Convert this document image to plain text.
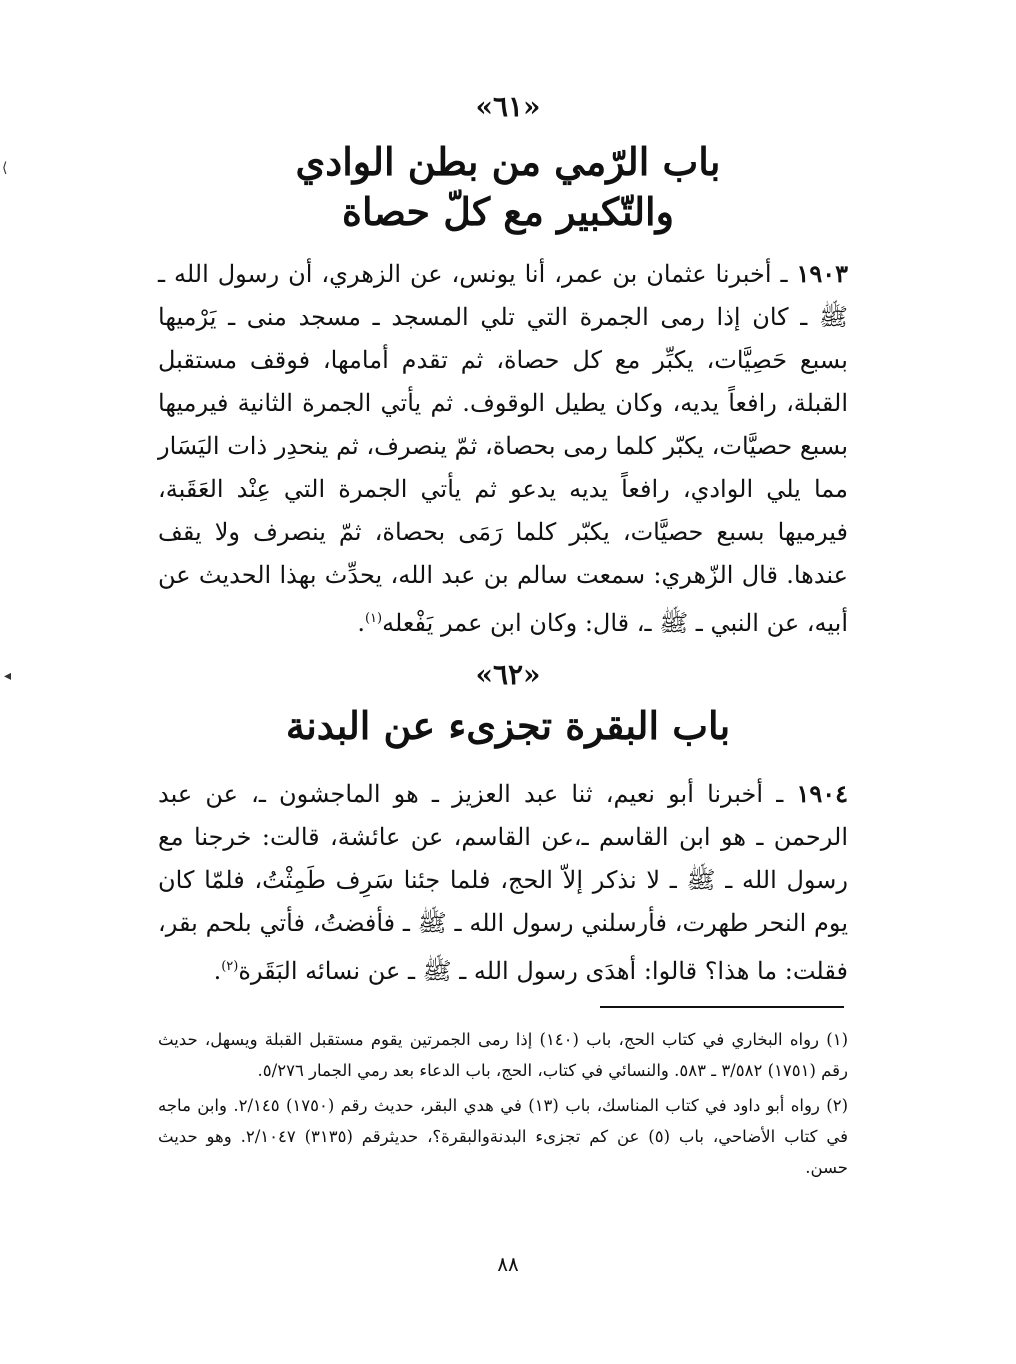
«٦١»
باب الرّمي من بطن الوادي
والتّكبير مع كلّ حصاة
١٩٠٣ ـ أخبرنا عثمان بن عمر، أنا يونس، عن الزهري، أن رسول الله ـ ﷺ ـ كان إذا رمى الجمرة التي تلي المسجد ـ مسجد منى ـ يَرْميها بسبع حَصِيَّات، يكبِّر مع كل حصاة، ثم تقدم أمامها، فوقف مستقبل القبلة، رافعاً يديه، وكان يطيل الوقوف. ثم يأتي الجمرة الثانية فيرميها بسبع حصيَّات، يكبّر كلما رمى بحصاة، ثمّ ينصرف، ثم ينحدِر ذات اليَسَار مما يلي الوادي، رافعاً يديه يدعو ثم يأتي الجمرة التي عِنْد العَقَبة، فيرميها بسبع حصيَّات، يكبّر كلما رَمَى بحصاة، ثمّ ينصرف ولا يقف عندها. قال الزّهري: سمعت سالم بن عبد الله، يحدِّث بهذا الحديث عن أبيه، عن النبي ـ ﷺ ـ، قال: وكان ابن عمر يَفْعله$^{(١)}$.
«٦٢»
باب البقرة تجزىء عن البدنة
١٩٠٤ ـ أخبرنا أبو نعيم، ثنا عبد العزيز ـ هو الماجشون ـ، عن عبد الرحمن ـ هو ابن القاسم ـ،عن القاسم، عن عائشة، قالت: خرجنا مع رسول الله ـ ﷺ ـ لا نذكر إلاّ الحج، فلما جئنا سَرِف طَمِثْتُ، فلمّا كان يوم النحر طهرت، فأرسلني رسول الله ـ ﷺ ـ فأفضتُ، فأتي بلحم بقر، فقلت: ما هذا؟ قالوا: أهدَى رسول الله ـ ﷺ ـ عن نسائه البَقَرة$^{(٢)}$.

(١) رواه البخاري في كتاب الحج، باب (١٤٠) إذا رمى الجمرتين يقوم مستقبل القبلة ويسهل، حديث رقم (١٧٥١) ٣/٥٨٢ ـ ٥٨٣. والنسائي في كتاب، الحج، باب الدعاء بعد رمي الجمار ٥/٢٧٦.

(٢) رواه أبو داود في كتاب المناسك، باب (١٣) في هدي البقر، حديث رقم (١٧٥٠) ٢/١٤٥. وابن ماجه في كتاب الأضاحي، باب (٥) عن كم تجزىء البدنةوالبقرة؟، حديثرقم (٣١٣٥) ٢/١٠٤٧. وهو حديث حسن.

٨٨
⟨
◂
